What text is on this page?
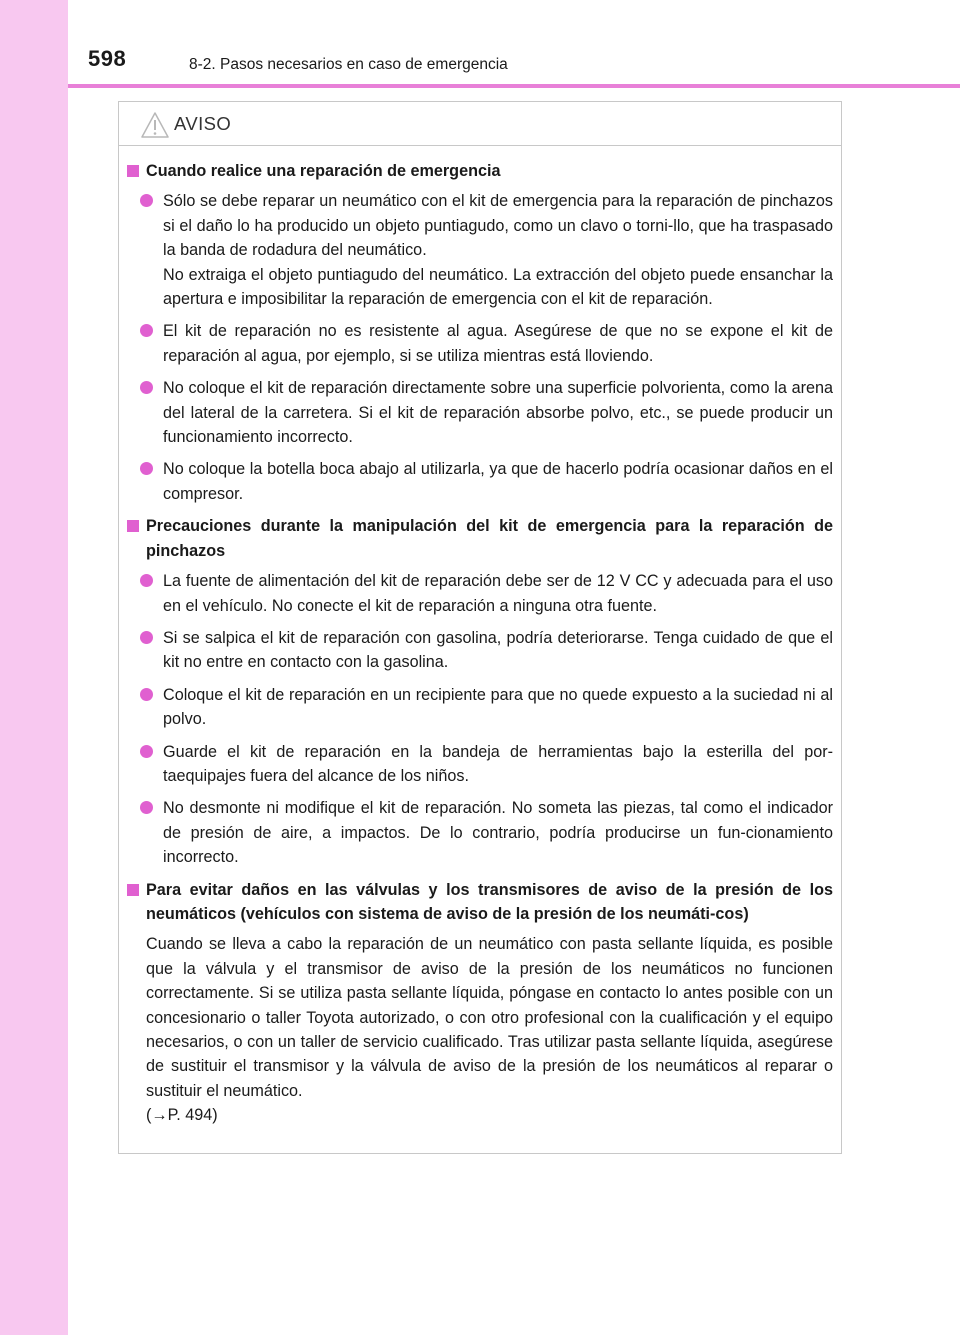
598	8-2. Pasos necesarios en caso de emergencia
AVISO
Cuando realice una reparación de emergencia
Sólo se debe reparar un neumático con el kit de emergencia para la reparación de pinchazos si el daño lo ha producido un objeto puntiagudo, como un clavo o torni-llo, que ha traspasado la banda de rodadura del neumático.
No extraiga el objeto puntiagudo del neumático. La extracción del objeto puede ensanchar la apertura e imposibilitar la reparación de emergencia con el kit de reparación.
El kit de reparación no es resistente al agua. Asegúrese de que no se expone el kit de reparación al agua, por ejemplo, si se utiliza mientras está lloviendo.
No coloque el kit de reparación directamente sobre una superficie polvorienta, como la arena del lateral de la carretera. Si el kit de reparación absorbe polvo, etc., se puede producir un funcionamiento incorrecto.
No coloque la botella boca abajo al utilizarla, ya que de hacerlo podría ocasionar daños en el compresor.
Precauciones durante la manipulación del kit de emergencia para la reparación de pinchazos
La fuente de alimentación del kit de reparación debe ser de 12 V CC y adecuada para el uso en el vehículo. No conecte el kit de reparación a ninguna otra fuente.
Si se salpica el kit de reparación con gasolina, podría deteriorarse. Tenga cuidado de que el kit no entre en contacto con la gasolina.
Coloque el kit de reparación en un recipiente para que no quede expuesto a la suciedad ni al polvo.
Guarde el kit de reparación en la bandeja de herramientas bajo la esterilla del por-taequipajes fuera del alcance de los niños.
No desmonte ni modifique el kit de reparación. No someta las piezas, tal como el indicador de presión de aire, a impactos. De lo contrario, podría producirse un fun-cionamiento incorrecto.
Para evitar daños en las válvulas y los transmisores de aviso de la presión de los neumáticos (vehículos con sistema de aviso de la presión de los neumáti-cos)
Cuando se lleva a cabo la reparación de un neumático con pasta sellante líquida, es posible que la válvula y el transmisor de aviso de la presión de los neumáticos no funcionen correctamente. Si se utiliza pasta sellante líquida, póngase en contacto lo antes posible con un concesionario o taller Toyota autorizado, o con otro profesional con la cualificación y el equipo necesarios, o con un taller de servicio cualificado. Tras utilizar pasta sellante líquida, asegúrese de sustituir el transmisor y la válvula de aviso de la presión de los neumáticos al reparar o sustituir el neumático.
(→P. 494)
